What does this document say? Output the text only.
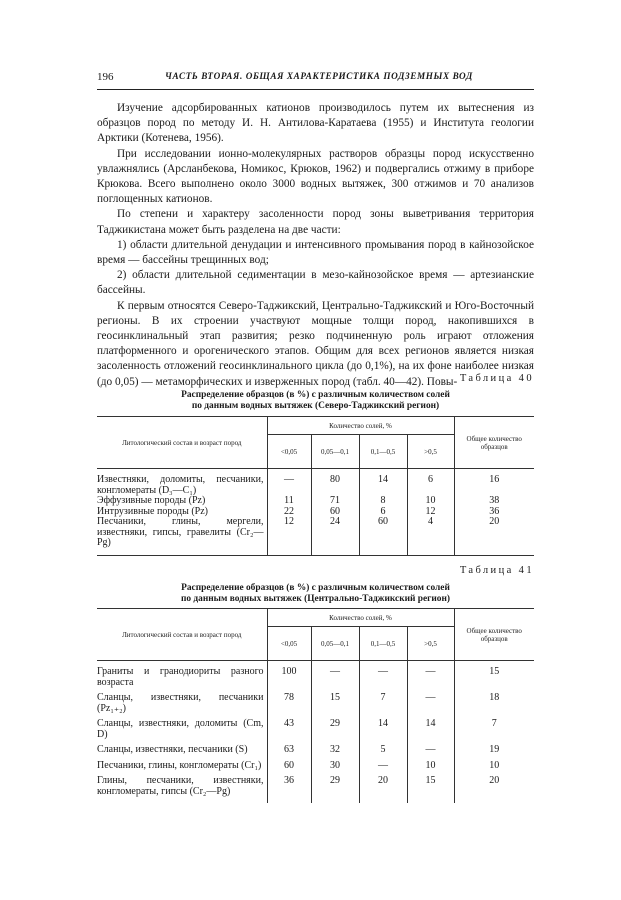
196	ЧАСТЬ ВТОРАЯ. ОБЩАЯ ХАРАКТЕРИСТИКА ПОДЗЕМНЫХ ВОД

Изучение адсорбированных катионов производилось путем их вытеснения из образцов пород по методу И. Н. Антилова-Каратаева (1955) и Института геологии Арктики (Котенева, 1956).

При исследовании ионно-молекулярных растворов образцы пород искусственно увлажнялись (Арсланбекова, Номикос, Крюков, 1962) и подвергались отжиму в приборе Крюкова. Всего выполнено около 3000 водных вытяжек, 300 отжимов и 70 анализов поглощенных катионов.

По степени и характеру засоленности пород зоны выветривания территория Таджикистана может быть разделена на две части:

1) области длительной денудации и интенсивного промывания пород в кайнозойское время — бассейны трещинных вод;

2) области длительной седиментации в мезо-кайнозойское время — артезианские бассейны.

К первым относятся Северо-Таджикский, Центрально-Таджикский и Юго-Восточный регионы. В их строении участвуют мощные толщи пород, накопившихся в геосинклинальный этап развития; резко подчиненную роль играют отложения платформенного и орогенического этапов. Общим для всех регионов является низкая засоленность отложений геосинклинального цикла (до 0,1%), на их фоне наиболее низкая (до 0,05) — метаморфических и изверженных пород (табл. 40—42). Повы- Таблица 40
Распределение образцов (в %) с различным количеством солей
по данным водных вытяжек (Северо-Таджикский регион)
Литологический состав и возраст пород	Количество солей, %				Общее количество образцов
	<0,05	0,05—0,1	0,1—0,5	>0,5	
Известняки, доломиты, песчаники, конгломераты (D₃—C₁)	—	80	14	6	16
Эффузивные породы (Pz)	11	71	8	10	38
Интрузивные породы (Pz)	22	60	6	12	36
Песчаники, глины, мергели, известняки, гипсы, гравелиты (Cr₂—Pg)	12	24	60	4	20
Таблица 41
Распределение образцов (в %) с различным количеством солей
по данным водных вытяжек (Центрально-Таджикский регион)
Литологический состав и возраст пород	Количество солей, %				Общее количество образцов
	<0,05	0,05—0,1	0,1—0,5	>0,5	
Граниты и гранодиориты разного возраста	100	—	—	—	15
Сланцы, известняки, песчаники (Pz₁₊₂)	78	15	7	—	18
Сланцы, известняки, доломиты (Cm, D)	43	29	14	14	7
Сланцы, известняки, песчаники (S)	63	32	5	—	19
Песчаники, глины, конгломераты (Cr₁)	60	30	—	10	10
Глины, песчаники, известняки, конгломераты, гипсы (Cr₂—Pg)	36	29	20	15	20
